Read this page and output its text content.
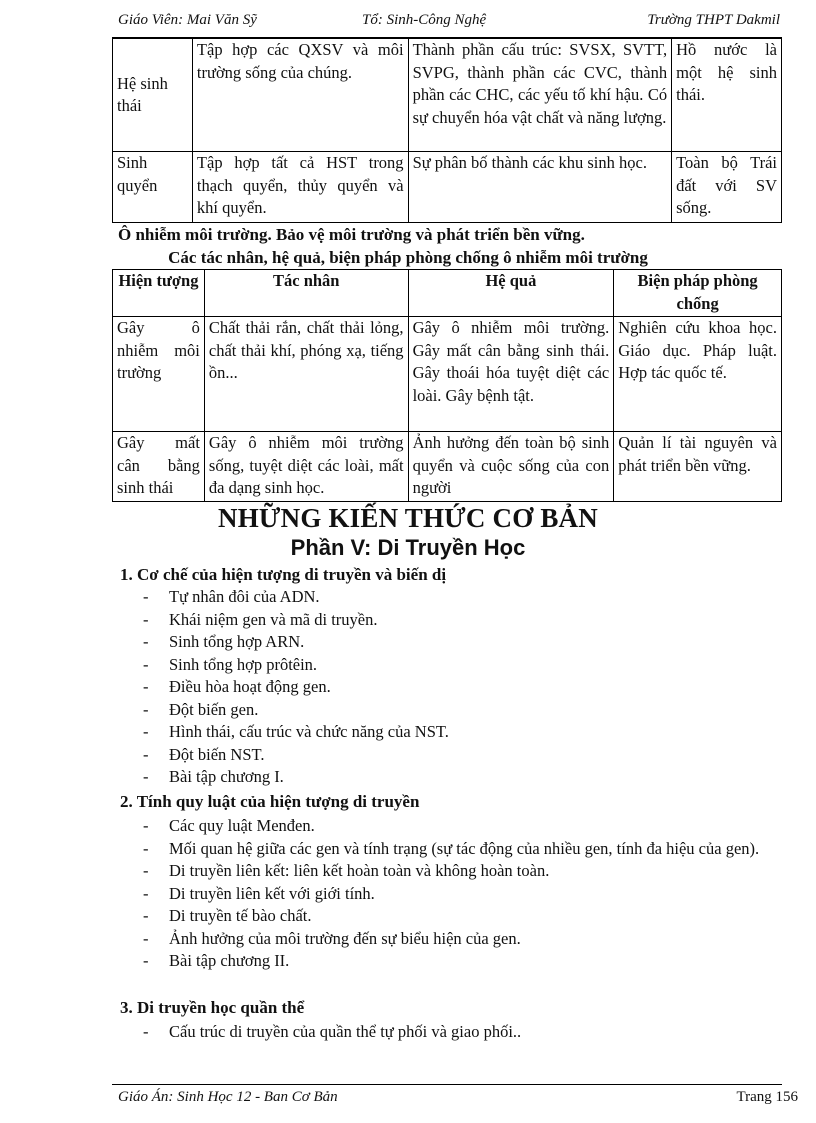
Giáo Viên: Mai Văn Sỹ	Tổ: Sinh-Công Nghệ	Trường THPT Dakmil
Hệ sinh thái	Tập hợp các QXSV và môi trường sống của chúng.	Thành phần cấu trúc: SVSX, SVTT, SVPG, thành phần các CVC, thành phần các CHC, các yếu tố khí hậu. Có sự chuyển hóa vật chất và năng lượng.	Hồ nước là một hệ sinh thái.
Sinh quyển	Tập hợp tất cả HST trong thạch quyển, thủy quyển và khí quyển.	Sự phân bố thành các khu sinh học.	Toàn bộ Trái đất với SV sống.
Ô nhiễm môi trường. Bảo vệ môi trường và phát triển bền vững.
Các tác nhân, hệ quả, biện pháp phòng chống ô nhiễm môi trường
Hiện tượng	Tác nhân	Hệ quả	Biện pháp phòng chống
Gây ô nhiễm môi trường	Chất thải rắn, chất thải lỏng, chất thải khí, phóng xạ, tiếng ồn...	Gây ô nhiễm môi trường. Gây mất cân bằng sinh thái. Gây thoái hóa tuyệt diệt các loài. Gây bệnh tật.	Nghiên cứu khoa học. Giáo dục. Pháp luật. Hợp tác quốc tế.
Gây mất cân bằng sinh thái	Gây ô nhiễm môi trường sống, tuyệt diệt các loài, mất đa dạng sinh học.	Ảnh hưởng đến toàn bộ sinh quyển và cuộc sống của con người	Quản lí tài nguyên và phát triển bền vững.
NHỮNG KIẾN THỨC CƠ BẢN
Phần V: Di Truyền Học
1. Cơ chế của hiện tượng di truyền và biến dị
- Tự nhân đôi của ADN.
- Khái niệm gen và mã di truyền.
- Sinh tổng hợp ARN.
- Sinh tổng hợp prôtêin.
- Điều hòa hoạt động gen.
- Đột biến gen.
- Hình thái, cấu trúc và chức năng của NST.
- Đột biến NST.
- Bài tập chương I.
2. Tính quy luật của hiện tượng di truyền
- Các quy luật Menđen.
- Mối quan hệ giữa các gen và tính trạng (sự tác động của nhiều gen, tính đa hiệu của gen).
- Di truyền liên kết: liên kết hoàn toàn và không hoàn toàn.
- Di truyền liên kết với giới tính.
- Di truyền tế bào chất.
- Ảnh hưởng của môi trường đến sự biểu hiện của gen.
- Bài tập chương II.
3. Di truyền học quần thể
- Cấu trúc di truyền của quần thể tự phối và giao phối..
Giáo Án: Sinh Học 12 - Ban Cơ Bản	Trang 156
